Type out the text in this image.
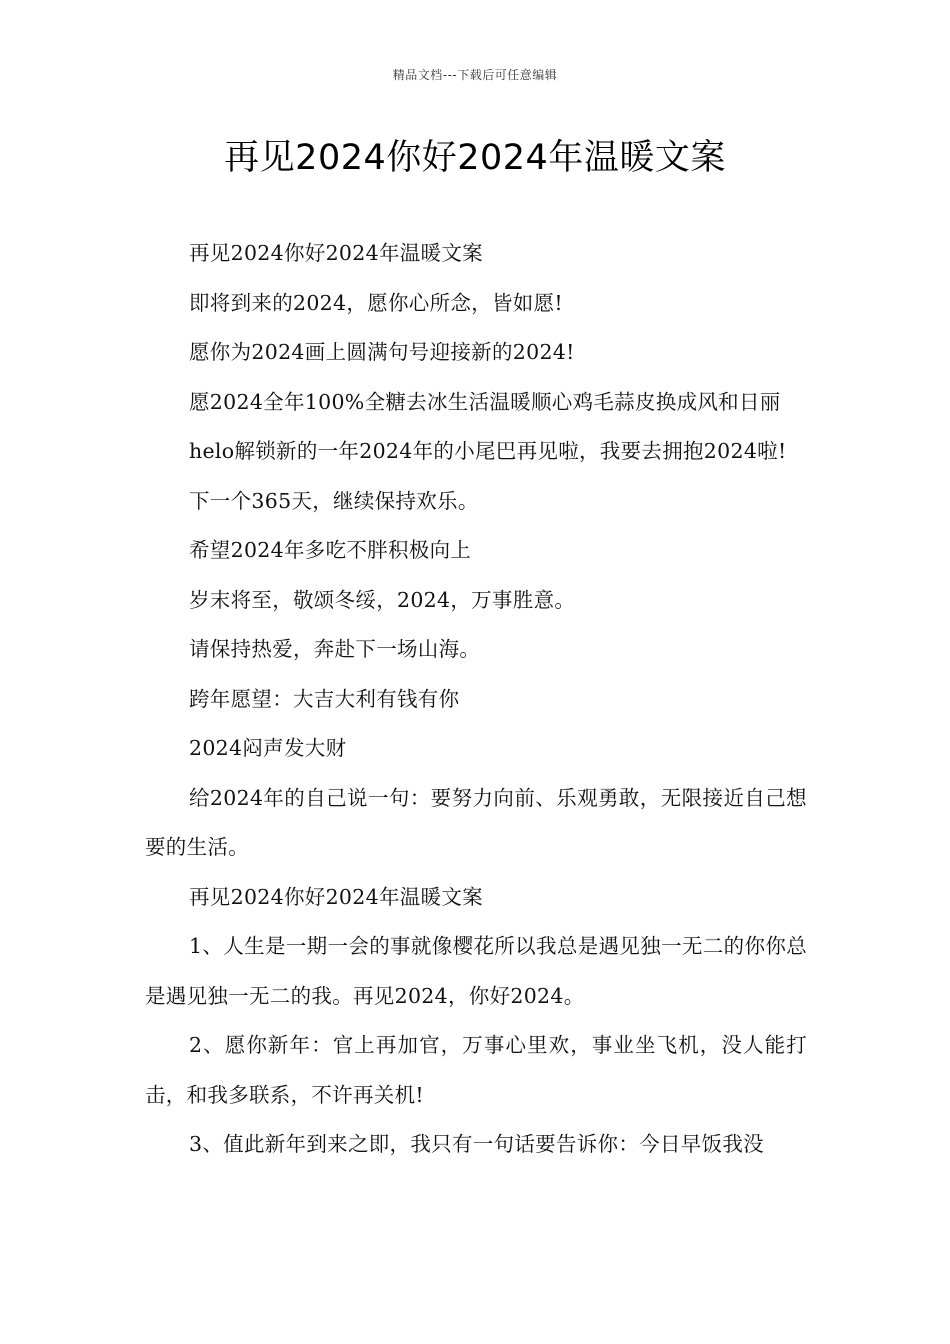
精品文档---下载后可任意编辑
再见2024你好2024年温暖文案

再见2024你好2024年温暖文案

即将到来的2024，愿你心所念，皆如愿!

愿你为2024画上圆满句号迎接新的2024!

愿2024全年100%全糖去冰生活温暖顺心鸡毛蒜皮换成风和日丽

helo解锁新的一年2024年的小尾巴再见啦，我要去拥抱2024啦!

下一个365天，继续保持欢乐。

希望2024年多吃不胖积极向上

岁末将至，敬颂冬绥，2024，万事胜意。

请保持热爱，奔赴下一场山海。

跨年愿望：大吉大利有钱有你

2024闷声发大财

给2024年的自己说一句：要努力向前、乐观勇敢，无限接近自己想要的生活。

再见2024你好2024年温暖文案

1、人生是一期一会的事就像樱花所以我总是遇见独一无二的你你总是遇见独一无二的我。再见2024，你好2024。

2、愿你新年：官上再加官，万事心里欢，事业坐飞机，没人能打击，和我多联系，不许再关机!

3、值此新年到来之即，我只有一句话要告诉你：今日早饭我没
